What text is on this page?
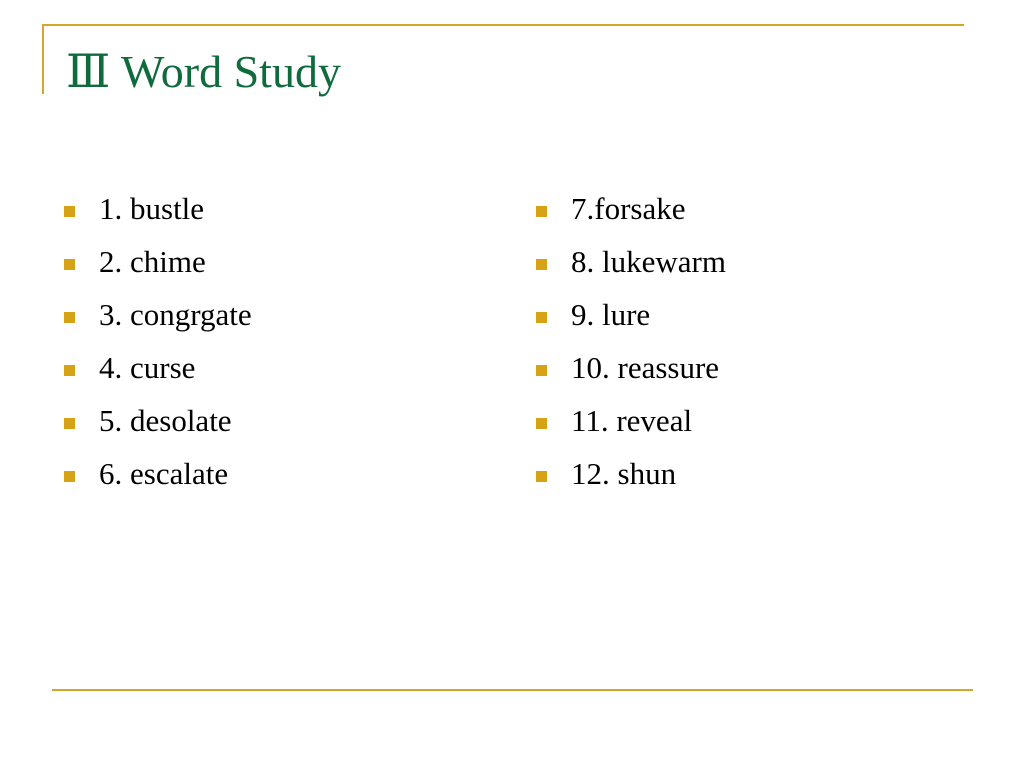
Ⅲ Word Study
1. bustle
2. chime
3. congrgate
4. curse
5. desolate
6. escalate
7.forsake
8. lukewarm
9. lure
10. reassure
11. reveal
12. shun
